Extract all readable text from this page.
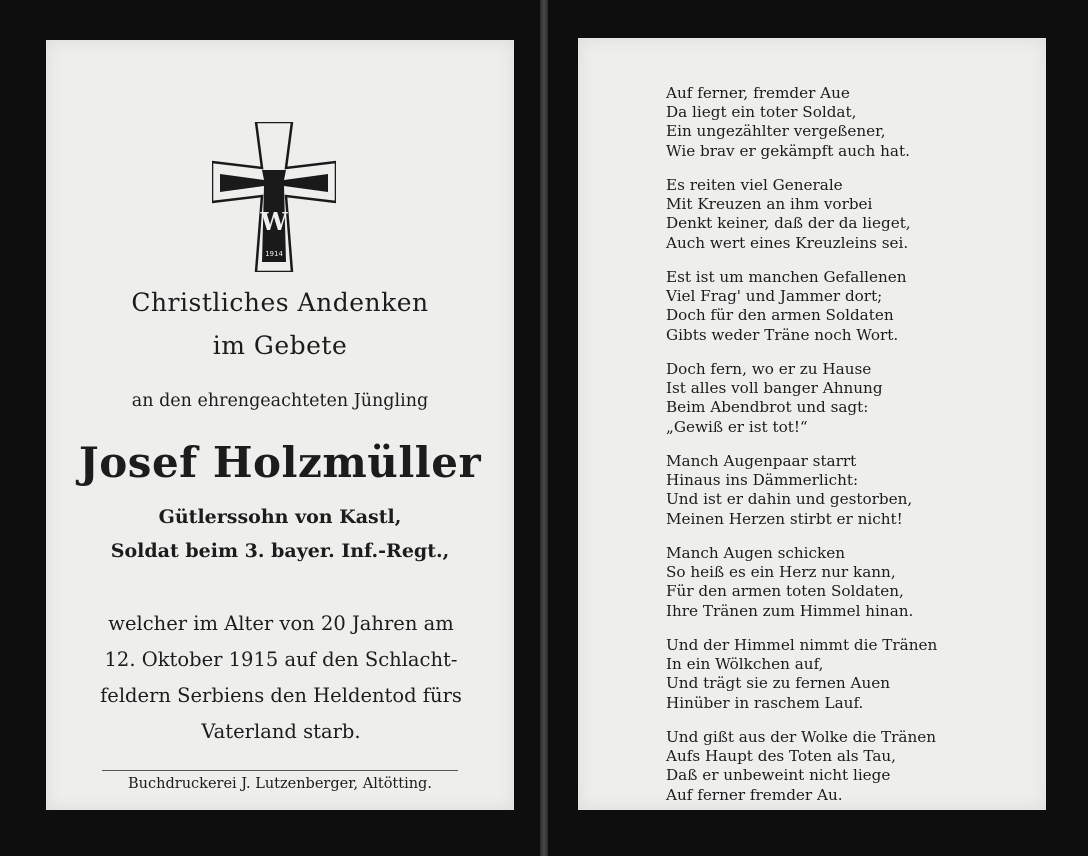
W
1914
Christliches Andenken
im Gebete
an den ehrengeachteten Jüngling
Josef Holzmüller
Gütlerssohn von Kastl,
Soldat beim 3. bayer. Inf.-Regt.,
welcher im Alter von 20 Jahren am
12. Oktober 1915 auf den Schlacht-
feldern Serbiens den Heldentod fürs
Vaterland starb.
Buchdruckerei J. Lutzenberger, Altötting.
Auf ferner, fremder Aue
Da liegt ein toter Soldat,
Ein ungezählter vergeßener,
Wie brav er gekämpft auch hat.
Es reiten viel Generale
Mit Kreuzen an ihm vorbei
Denkt keiner, daß der da lieget,
Auch wert eines Kreuzleins sei.
Est ist um manchen Gefallenen
Viel Frag' und Jammer dort;
Doch für den armen Soldaten
Gibts weder Träne noch Wort.
Doch fern, wo er zu Hause
Ist alles voll banger Ahnung
Beim Abendbrot und sagt:
„Gewiß er ist tot!“
Manch Augenpaar starrt
Hinaus ins Dämmerlicht:
Und ist er dahin und gestorben,
Meinen Herzen stirbt er nicht!
Manch Augen schicken
So heiß es ein Herz nur kann,
Für den armen toten Soldaten,
Ihre Tränen zum Himmel hinan.
Und der Himmel nimmt die Tränen
In ein Wölkchen auf,
Und trägt sie zu fernen Auen
Hinüber in raschem Lauf.
Und gißt aus der Wolke die Tränen
Aufs Haupt des Toten als Tau,
Daß er unbeweint nicht liege
Auf ferner fremder Au.
